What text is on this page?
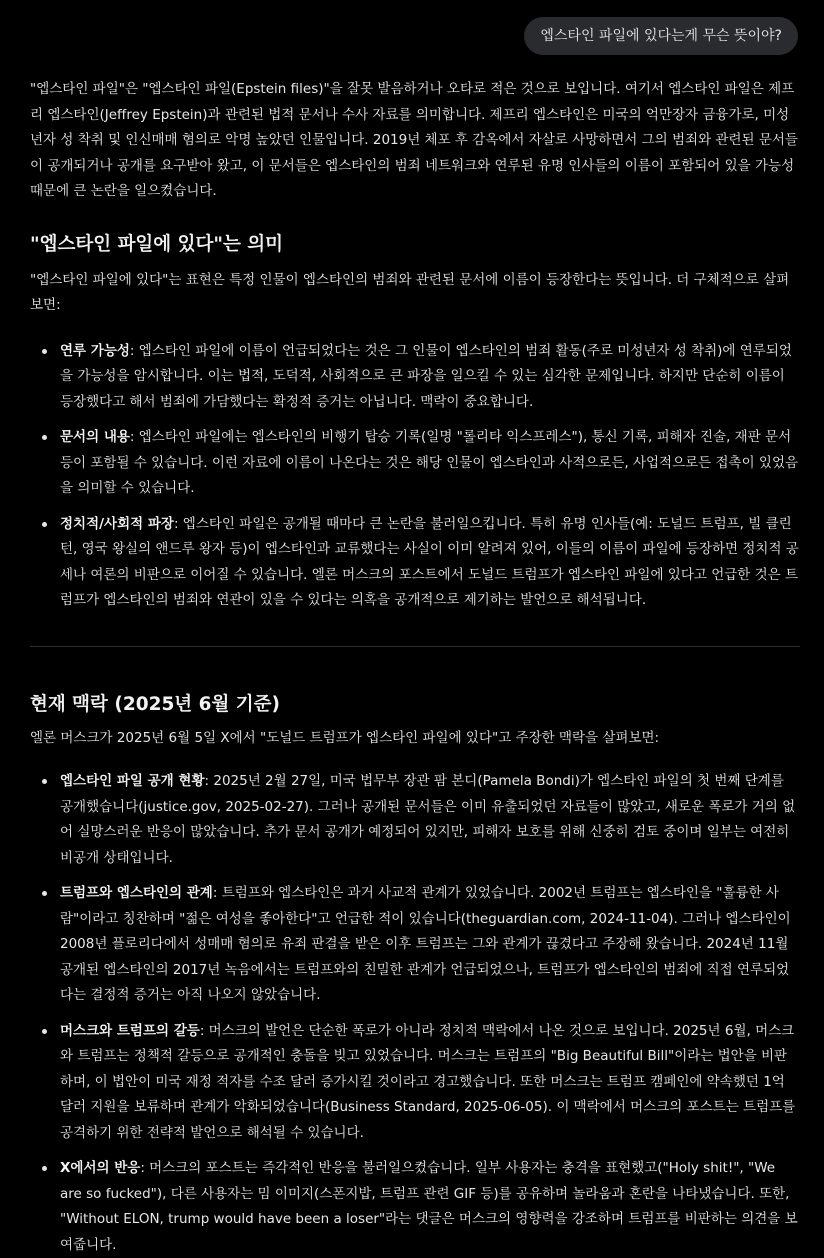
엡스타인 파일에 있다는게 무슨 뜻이야?

"엡스타인 파일"은 "엡스타인 파일(Epstein files)"을 잘못 발음하거나 오타로 적은 것으로 보입니다. 여기서 엡스타인 파일은 제프리 엡스타인(Jeffrey Epstein)과 관련된 법적 문서나 수사 자료를 의미합니다. 제프리 엡스타인은 미국의 억만장자 금융가로, 미성년자 성 착취 및 인신매매 혐의로 악명 높았던 인물입니다. 2019년 체포 후 감옥에서 자살로 사망하면서 그의 범죄와 관련된 문서들이 공개되거나 공개를 요구받아 왔고, 이 문서들은 엡스타인의 범죄 네트워크와 연루된 유명 인사들의 이름이 포함되어 있을 가능성 때문에 큰 논란을 일으켰습니다.

"엡스타인 파일에 있다"는 의미

"엡스타인 파일에 있다"는 표현은 특정 인물이 엡스타인의 범죄와 관련된 문서에 이름이 등장한다는 뜻입니다. 더 구체적으로 살펴보면:

연루 가능성: 엡스타인 파일에 이름이 언급되었다는 것은 그 인물이 엡스타인의 범죄 활동(주로 미성년자 성 착취)에 연루되었을 가능성을 암시합니다. 이는 법적, 도덕적, 사회적으로 큰 파장을 일으킬 수 있는 심각한 문제입니다. 하지만 단순히 이름이 등장했다고 해서 범죄에 가담했다는 확정적 증거는 아닙니다. 맥락이 중요합니다.
문서의 내용: 엡스타인 파일에는 엡스타인의 비행기 탑승 기록(일명 "롤리타 익스프레스"), 통신 기록, 피해자 진술, 재판 문서 등이 포함될 수 있습니다. 이런 자료에 이름이 나온다는 것은 해당 인물이 엡스타인과 사적으로든, 사업적으로든 접촉이 있었음을 의미할 수 있습니다.
정치적/사회적 파장: 엡스타인 파일은 공개될 때마다 큰 논란을 불러일으킵니다. 특히 유명 인사들(예: 도널드 트럼프, 빌 클린턴, 영국 왕실의 앤드루 왕자 등)이 엡스타인과 교류했다는 사실이 이미 알려져 있어, 이들의 이름이 파일에 등장하면 정치적 공세나 여론의 비판으로 이어질 수 있습니다. 엘론 머스크의 포스트에서 도널드 트럼프가 엡스타인 파일에 있다고 언급한 것은 트럼프가 엡스타인의 범죄와 연관이 있을 수 있다는 의혹을 공개적으로 제기하는 발언으로 해석됩니다.
현재 맥락 (2025년 6월 기준)

엘론 머스크가 2025년 6월 5일 X에서 "도널드 트럼프가 엡스타인 파일에 있다"고 주장한 맥락을 살펴보면:

엡스타인 파일 공개 현황: 2025년 2월 27일, 미국 법무부 장관 팜 본디(Pamela Bondi)가 엡스타인 파일의 첫 번째 단계를 공개했습니다(justice.gov, 2025-02-27). 그러나 공개된 문서들은 이미 유출되었던 자료들이 많았고, 새로운 폭로가 거의 없어 실망스러운 반응이 많았습니다. 추가 문서 공개가 예정되어 있지만, 피해자 보호를 위해 신중히 검토 중이며 일부는 여전히 비공개 상태입니다.
트럼프와 엡스타인의 관계: 트럼프와 엡스타인은 과거 사교적 관계가 있었습니다. 2002년 트럼프는 엡스타인을 "훌륭한 사람"이라고 칭찬하며 "젊은 여성을 좋아한다"고 언급한 적이 있습니다(theguardian.com, 2024-11-04). 그러나 엡스타인이 2008년 플로리다에서 성매매 혐의로 유죄 판결을 받은 이후 트럼프는 그와 관계가 끊겼다고 주장해 왔습니다. 2024년 11월 공개된 엡스타인의 2017년 녹음에서는 트럼프와의 친밀한 관계가 언급되었으나, 트럼프가 엡스타인의 범죄에 직접 연루되었다는 결정적 증거는 아직 나오지 않았습니다.
머스크와 트럼프의 갈등: 머스크의 발언은 단순한 폭로가 아니라 정치적 맥락에서 나온 것으로 보입니다. 2025년 6월, 머스크와 트럼프는 정책적 갈등으로 공개적인 충돌을 빚고 있었습니다. 머스크는 트럼프의 "Big Beautiful Bill"이라는 법안을 비판하며, 이 법안이 미국 재정 적자를 수조 달러 증가시킬 것이라고 경고했습니다. 또한 머스크는 트럼프 캠페인에 약속했던 1억 달러 지원을 보류하며 관계가 악화되었습니다(Business Standard, 2025-06-05). 이 맥락에서 머스크의 포스트는 트럼프를 공격하기 위한 전략적 발언으로 해석될 수 있습니다.
X에서의 반응: 머스크의 포스트는 즉각적인 반응을 불러일으켰습니다. 일부 사용자는 충격을 표현했고("Holy shit!", "We are so fucked"), 다른 사용자는 밈 이미지(스폰지밥, 트럼프 관련 GIF 등)를 공유하며 놀라움과 혼란을 나타냈습니다. 또한, "Without ELON, trump would have been a loser"라는 댓글은 머스크의 영향력을 강조하며 트럼프를 비판하는 의견을 보여줍니다.
